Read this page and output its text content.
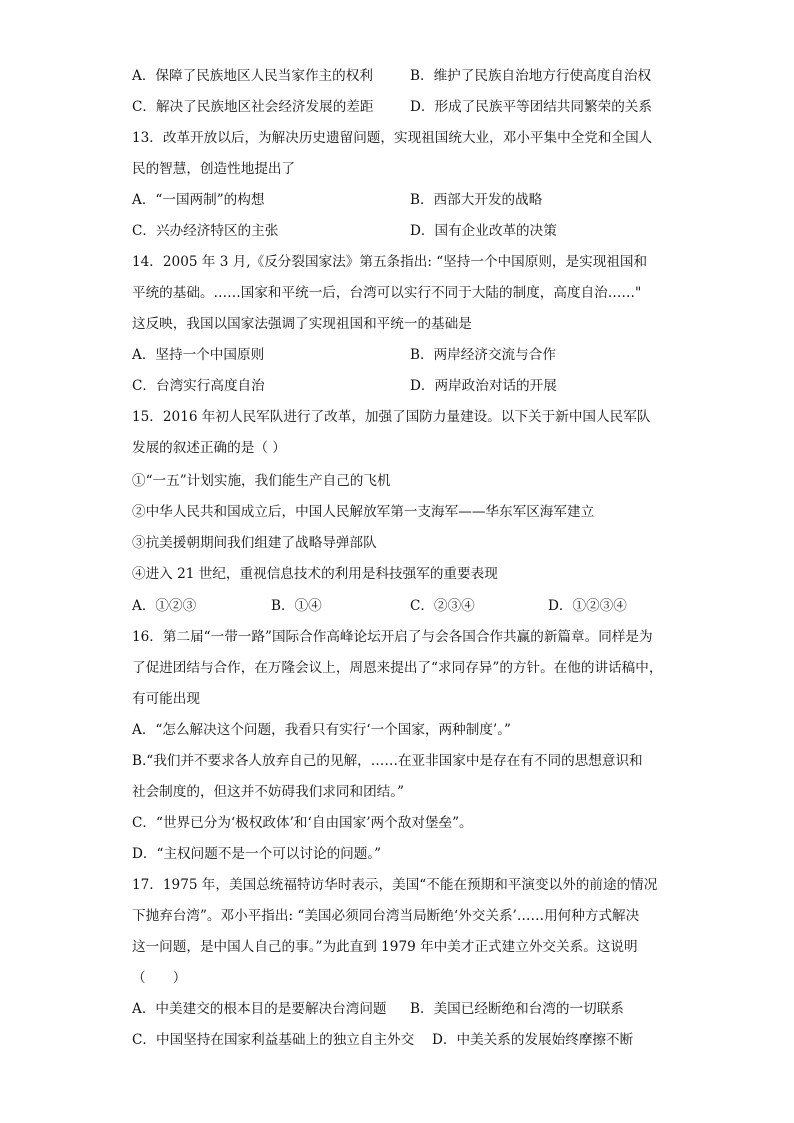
A．保障了民族地区人民当家作主的权利	B．维护了民族自治地方行使高度自治权
C．解决了民族地区社会经济发展的差距	D．形成了民族平等团结共同繁荣的关系
13．改革开放以后，为解决历史遗留问题，实现祖国统大业，邓小平集中全党和全国人
民的智慧，创造性地提出了
A．“一国两制”的构想	B．西部大开发的战略
C．兴办经济特区的主张	D．国有企业改革的决策
14．2005 年 3 月,《反分裂国家法》第五条指出: “坚持一个中国原则，是实现祖国和
平统的基础。……国家和平统一后，台湾可以实行不同于大陆的制度，高度自治……"
这反映，我国以国家法强调了实现祖国和平统一的基础是
A．坚持一个中国原则	B．两岸经济交流与合作
C．台湾实行高度自治	D．两岸政治对话的开展
15．2016 年初人民军队进行了改革，加强了国防力量建设。以下关于新中国人民军队
发展的叙述正确的是（ ）
①“一五”计划实施，我们能生产自己的飞机
②中华人民共和国成立后，中国人民解放军第一支海军——华东军区海军建立
③抗美援朝期间我们组建了战略导弹部队
④进入 21 世纪，重视信息技术的利用是科技强军的重要表现
A．①②③	B．①④	C．②③④	D．①②③④
16．第二届“一带一路”国际合作高峰论坛开启了与会各国合作共赢的新篇章。同样是为
了促进团结与合作，在万隆会议上，周恩来提出了“求同存异”的方针。在他的讲话稿中，
有可能出现
A．“怎么解决这个问题，我看只有实行‘一个国家，两种制度’。”
B.“我们并不要求各人放弃自己的见解，……在亚非国家中是存在有不同的思想意识和
社会制度的，但这并不妨碍我们求同和团结。”
C．“世界已分为‘极权政体’和‘自由国家’两个敌对堡垒”。
D．“主权问题不是一个可以讨论的问题。”
17．1975 年，美国总统福特访华时表示，美国“不能在预期和平演变以外的前途的情况
下抛弃台湾”。邓小平指出: “美国必须同台湾当局断绝‘外交关系’……用何种方式解决
这一问题，是中国人自己的事。”为此直到 1979 年中美才正式建立外交关系。这说明
（　　）
A．中美建交的根本目的是要解决台湾问题 B．美国已经断绝和台湾的一切联系
C．中国坚持在国家利益基础上的独立自主外交 D．中美关系的发展始终摩擦不断
